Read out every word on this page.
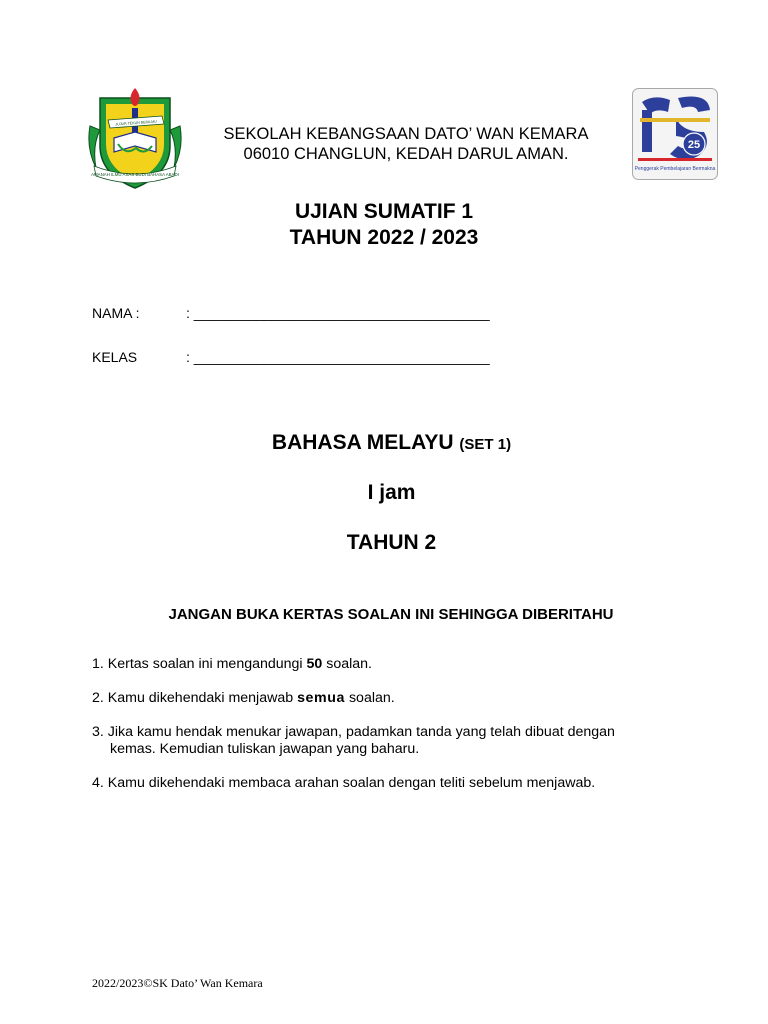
AMANAH ILMU ASAS BUDI BAHASA ABADI
JUJUR TEKUN BERILMU
25
Penggerak Pembelajaran Bermakna
SEKOLAH KEBANGSAAN DATO’ WAN KEMARA
06010 CHANGLUN, KEDAH DARUL AMAN.
UJIAN SUMATIF 1
TAHUN 2022 / 2023
NAMA :	: ______________________________________
KELAS	: ______________________________________
BAHASA MELAYU (SET 1)
I jam
TAHUN 2
JANGAN BUKA KERTAS SOALAN INI SEHINGGA DIBERITAHU
1. Kertas soalan ini mengandungi 50 soalan.
2. Kamu dikehendaki menjawab semua soalan.
3. Jika kamu hendak menukar jawapan, padamkan tanda yang telah dibuat dengan
kemas. Kemudian tuliskan jawapan yang baharu.
4. Kamu dikehendaki membaca arahan soalan dengan teliti sebelum menjawab.
2022/2023©SK Dato’ Wan Kemara
